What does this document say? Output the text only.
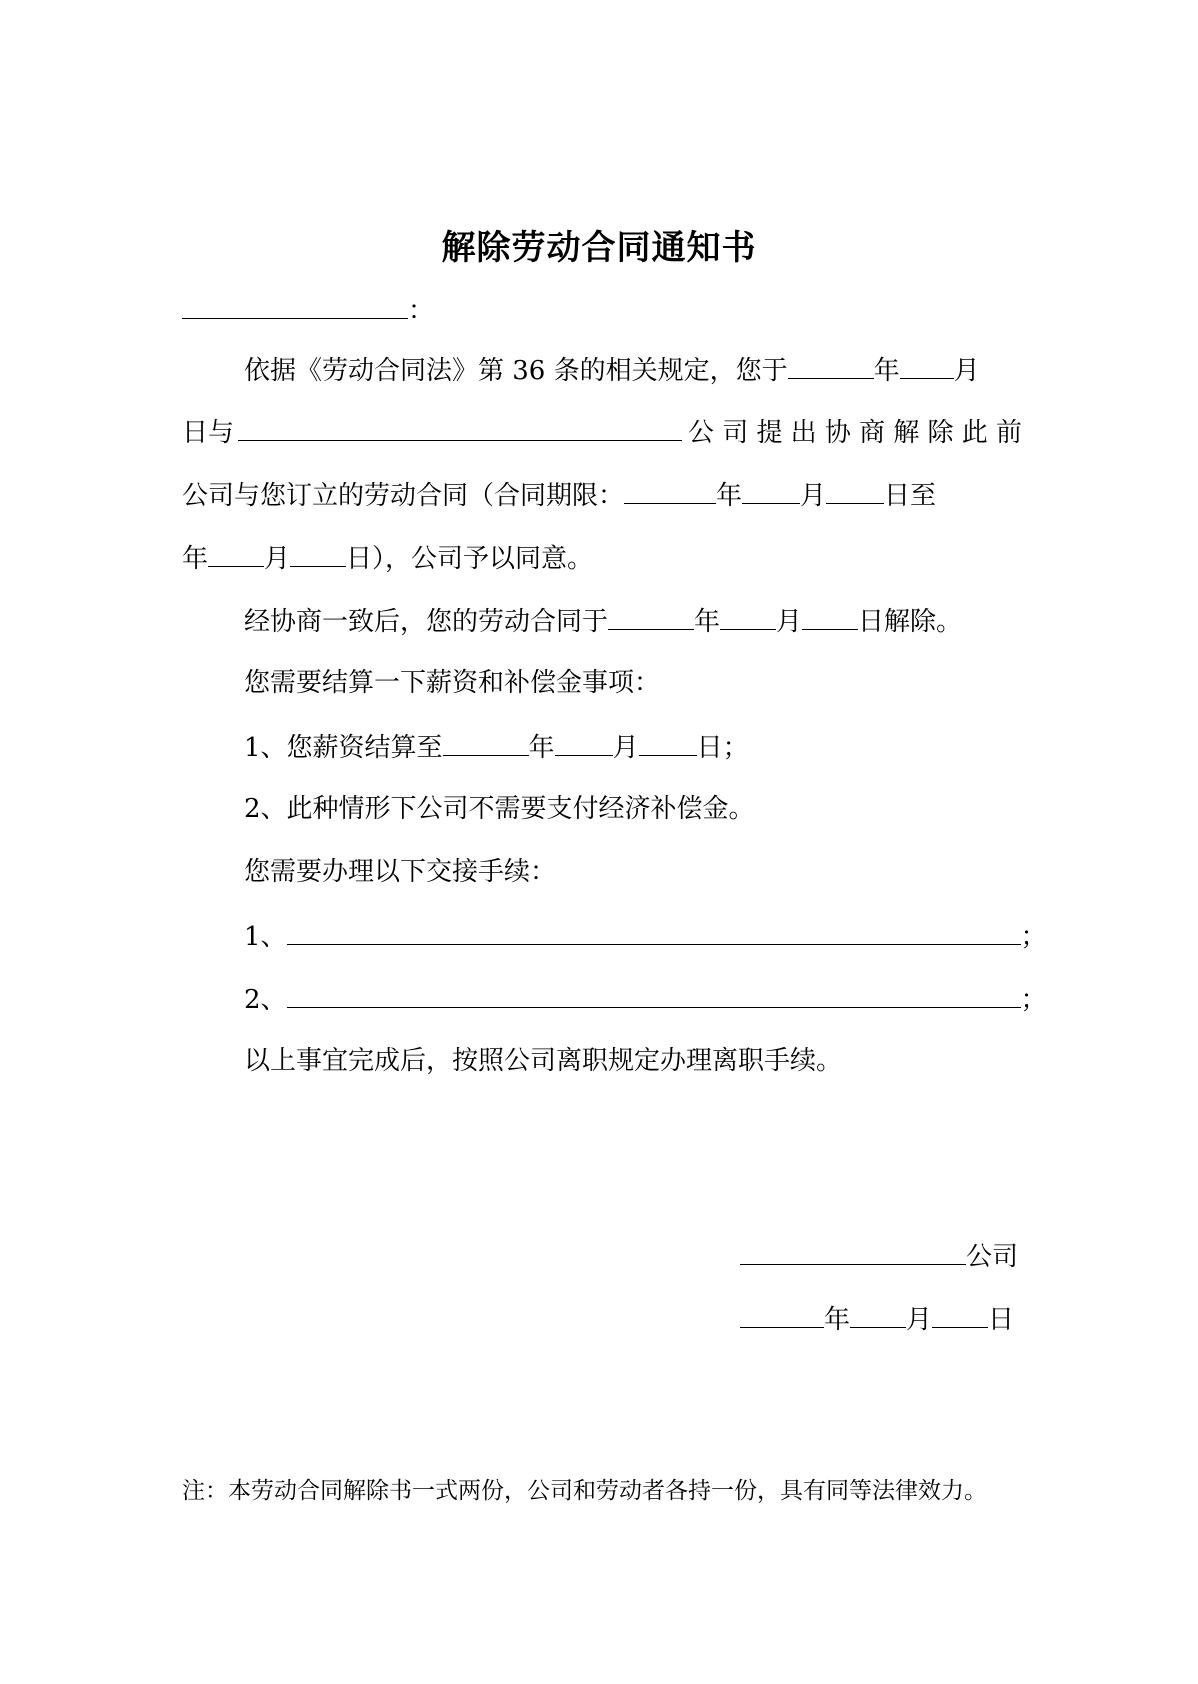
解除劳动合同通知书
：
依据《劳动合同法》第 36 条的相关规定，您于	年 月
日与	公 司 提 出 协 商 解 除 此 前
公司与您订立的劳动合同（合同期限：	年 月 日至
年 月 日），公司予以同意。
经协商一致后，您的劳动合同于	年 月 日解除。
您需要结算一下薪资和补偿金事项：
1、您薪资结算至	年 月 日；
2、此种情形下公司不需要支付经济补偿金。
您需要办理以下交接手续：
1、	；
2、	；
以上事宜完成后，按照公司离职规定办理离职手续。
公司
年 月 日
注：本劳动合同解除书一式两份，公司和劳动者各持一份，具有同等法律效力。
